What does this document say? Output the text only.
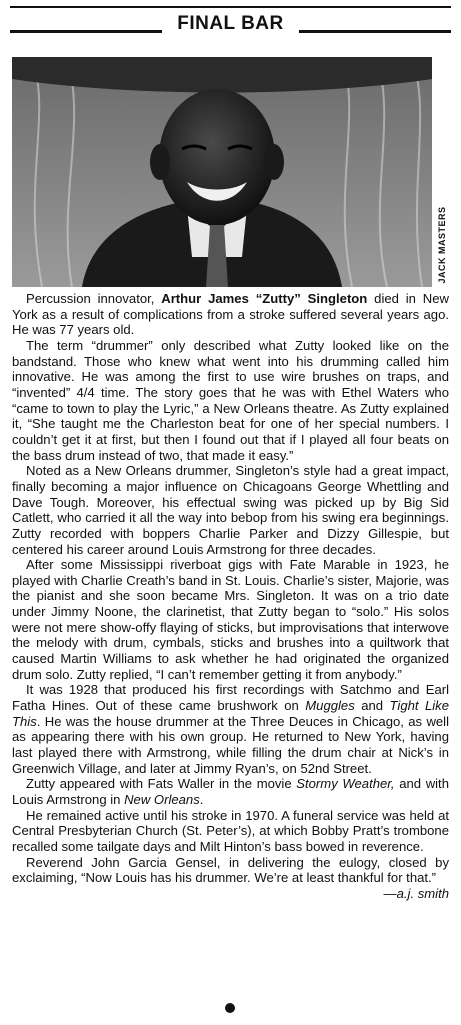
FINAL BAR
JACK MASTERS

Percussion innovator, Arthur James “Zutty” Singleton died in New York as a result of complications from a stroke suffered several years ago. He was 77 years old.

The term “drummer” only described what Zutty looked like on the bandstand. Those who knew what went into his drumming called him innovative. He was among the first to use wire brushes on traps, and “invented” 4/4 time. The story goes that he was with Ethel Waters who “came to town to play the Lyric,” a New Orleans theatre. As Zutty explained it, “She taught me the Charleston beat for one of her special numbers. I couldn’t get it at first, but then I found out that if I played all four beats on the bass drum instead of two, that made it easy.”

Noted as a New Orleans drummer, Singleton’s style had a great impact, finally becoming a major influence on Chicagoans George Whettling and Dave Tough. Moreover, his effectual swing was picked up by Big Sid Catlett, who carried it all the way into bebop from his swing era beginnings. Zutty recorded with boppers Charlie Parker and Dizzy Gillespie, but centered his career around Louis Armstrong for three decades.

After some Mississippi riverboat gigs with Fate Marable in 1923, he played with Charlie Creath’s band in St. Louis. Charlie’s sister, Majorie, was the pianist and she soon became Mrs. Singleton. It was on a trio date under Jimmy Noone, the clarinetist, that Zutty began to “solo.” His solos were not mere show-offy flaying of sticks, but improvisations that interwove the melody with drum, cymbals, sticks and brushes into a quiltwork that caused Martin Williams to ask whether he had originated the organized drum solo. Zutty replied, “I can’t remember getting it from anybody.”

It was 1928 that produced his first recordings with Satchmo and Earl Fatha Hines. Out of these came brushwork on Muggles and Tight Like This. He was the house drummer at the Three Deuces in Chicago, as well as appearing there with his own group. He returned to New York, having last played there with Armstrong, while filling the drum chair at Nick’s in Greenwich Village, and later at Jimmy Ryan’s, on 52nd Street.

Zutty appeared with Fats Waller in the movie Stormy Weather, and with Louis Armstrong in New Orleans.

He remained active until his stroke in 1970. A funeral service was held at Central Presbyterian Church (St. Peter’s), at which Bobby Pratt’s trombone recalled some tailgate days and Milt Hinton’s bass bowed in reverence.

Reverend John Garcia Gensel, in delivering the eulogy, closed by exclaiming, “Now Louis has his drummer. We’re at least thankful for that.”

—a.j. smith
